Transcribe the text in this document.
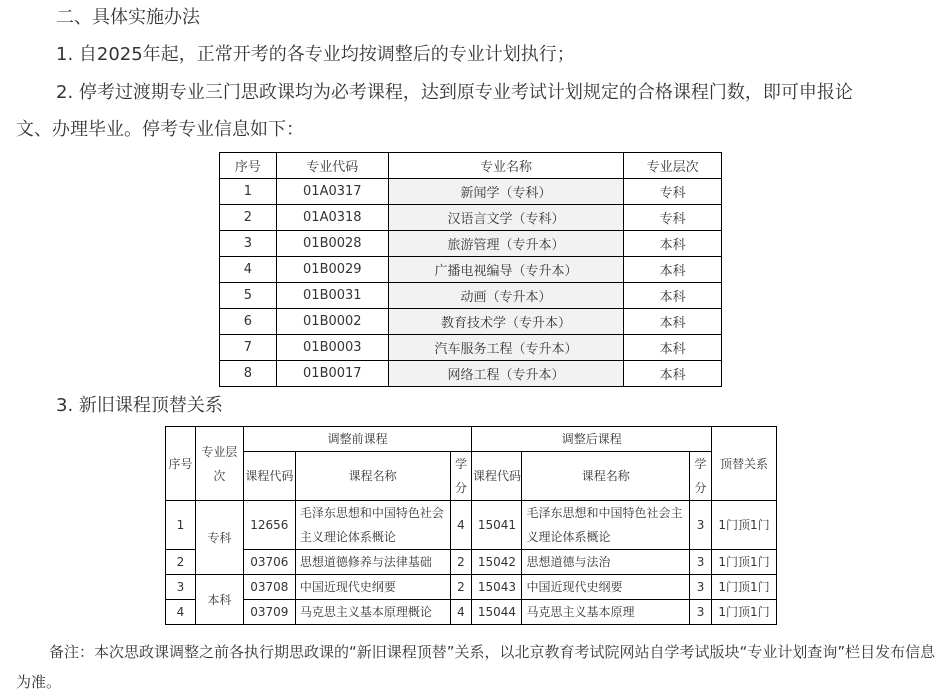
二、具体实施办法

1. 自2025年起，正常开考的各专业均按调整后的专业计划执行；

2. 停考过渡期专业三门思政课均为必考课程，达到原专业考试计划规定的合格课程门数，即可申报论

文、办理毕业。停考专业信息如下：

序号	专业代码	专业名称	专业层次
1	01A0317	新闻学（专科）	专科
2	01A0318	汉语言文学（专科）	专科
3	01B0028	旅游管理（专升本）	本科
4	01B0029	广播电视编导（专升本）	本科
5	01B0031	动画（专升本）	本科
6	01B0002	教育技术学（专升本）	本科
7	01B0003	汽车服务工程（专升本）	本科
8	01B0017	网络工程（专升本）	本科

3. 新旧课程顶替关系

序号	专业层次	调整前课程			调整后课程			顶替关系
		课程代码	课程名称	学分	课程代码	课程名称	学分	
1	专科	12656	毛泽东思想和中国特色社会主义理论体系概论	4	15041	毛泽东思想和中国特色社会主义理论体系概论	3	1门顶1门
2		03706	思想道德修养与法律基础	2	15042	思想道德与法治	3	1门顶1门
3	本科	03708	中国近现代史纲要	2	15043	中国近现代史纲要	3	1门顶1门
4		03709	马克思主义基本原理概论	4	15044	马克思主义基本原理	3	1门顶1门

备注：本次思政课调整之前各执行期思政课的“新旧课程顶替”关系，以北京教育考试院网站自学考试版块“专业计划查询”栏目发布信息为准。
